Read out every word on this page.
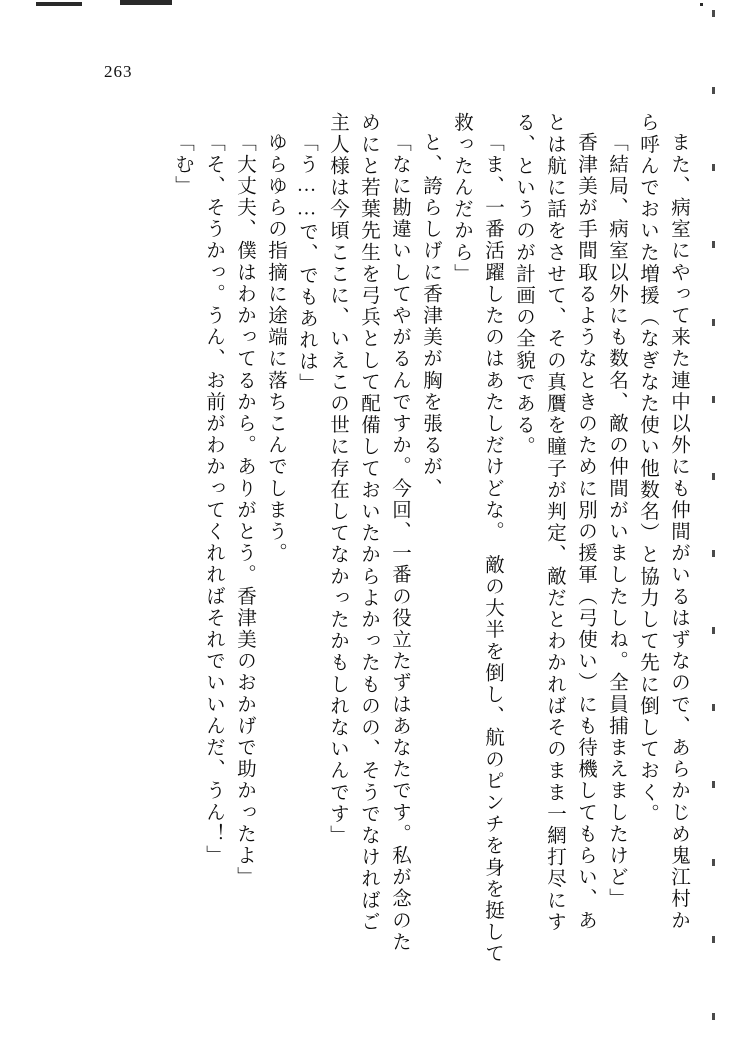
263
また、病室にやって来た連中以外にも仲間がいるはずなので、あらかじめ鬼江村か
ら呼んでおいた増援（なぎなた使い他数名）と協力して先に倒しておく。
「結局、病室以外にも数名、敵の仲間がいましたしね。全員捕まえましたけど」
香津美が手間取るようなときのために別の援軍（弓使い）にも待機してもらい、あ
とは航に話をさせて、その真贋を瞳子が判定、敵だとわかればそのまま一網打尽にす
る、というのが計画の全貌である。
「ま、一番活躍したのはあたしだけどな。　敵の大半を倒し、航のピンチを身を挺して
救ったんだから」
と、誇らしげに香津美が胸を張るが、
「なに勘違いしてやがるんですか。今回、一番の役立たずはあなたです。私が念のた
めにと若葉先生を弓兵として配備しておいたからよかったものの、そうでなければご
主人様は今頃ここに、いえこの世に存在してなかったかもしれないんです」
「う……で、でもあれは」
ゆらゆらの指摘に途端に落ちこんでしまう。
「大丈夫、僕はわかってるから。ありがとう。香津美のおかげで助かったよ」
「そ、そうかっ。うん、お前がわかってくれればそれでいいんだ、うん！」
「む」
